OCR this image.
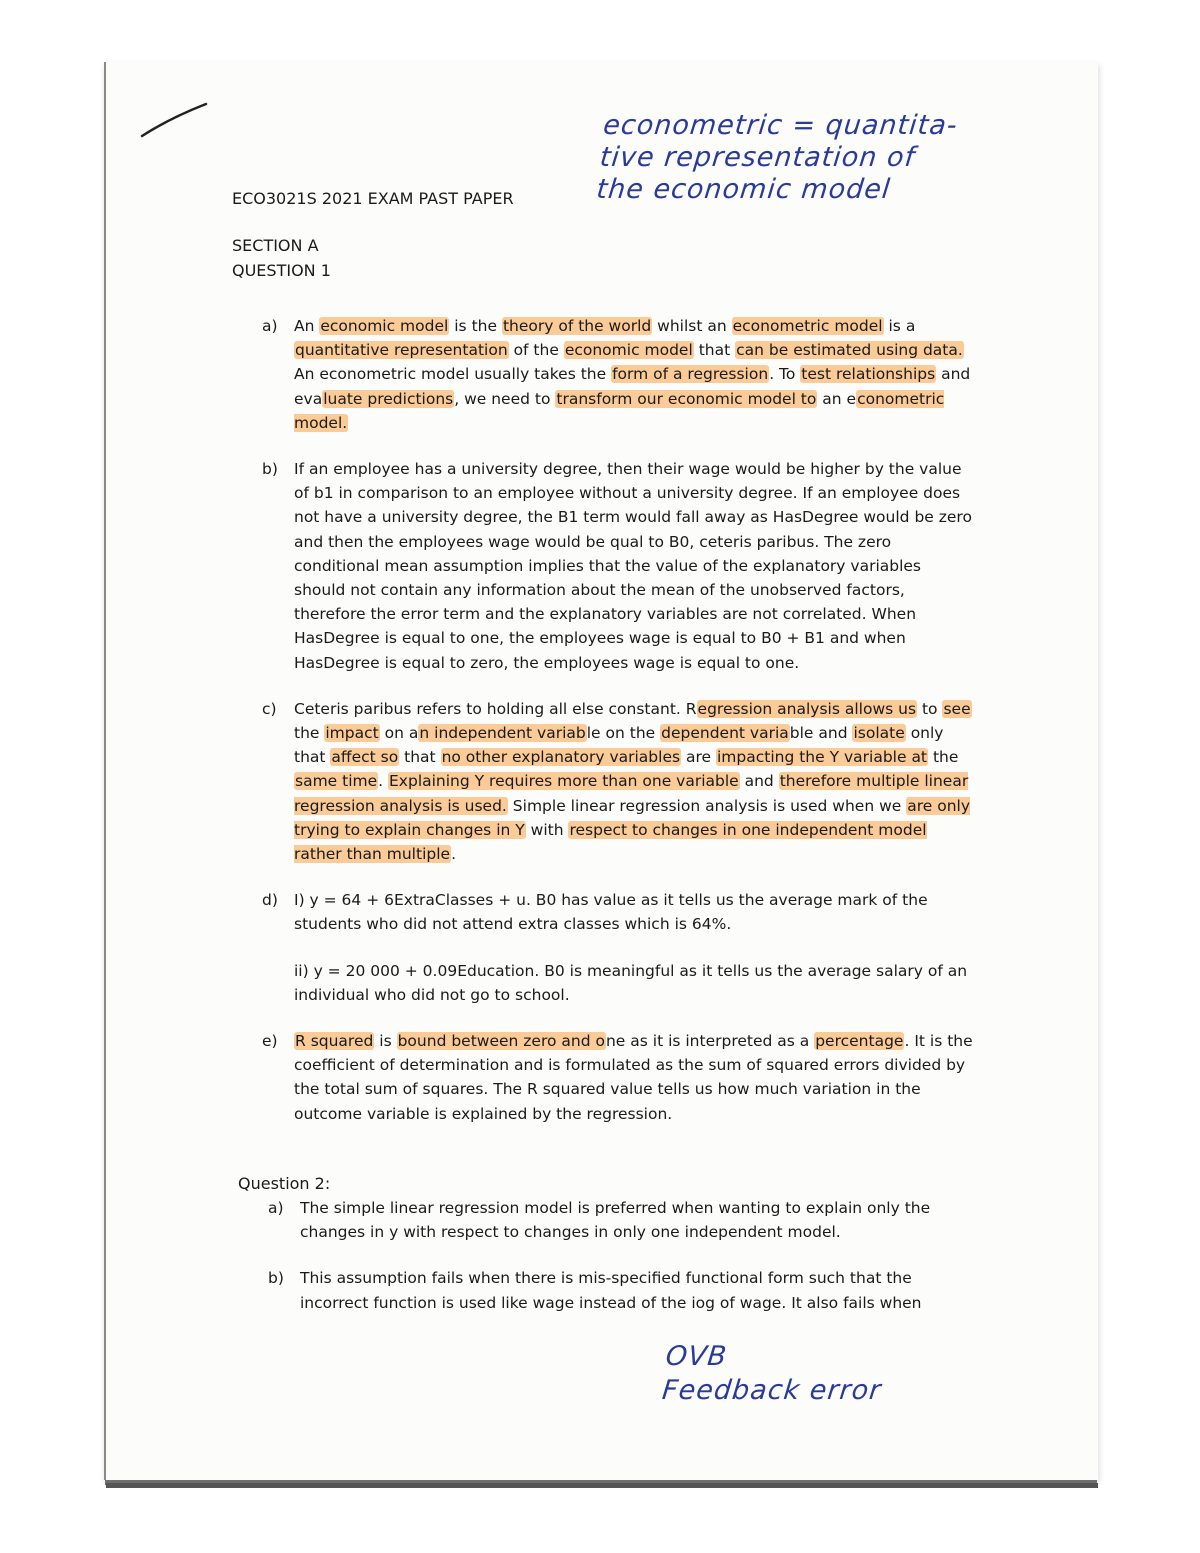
econometric = quantita-
tive representation of
the economic model
ECO3021S 2021 EXAM PAST PAPER
SECTION A
QUESTION 1
a)	An economic model is the theory of the world whilst an econometric model is a quantitative representation of the economic model that can be estimated using data. An econometric model usually takes the form of a regression. To test relationships and evaluate predictions, we need to transform our economic model to an econometric model.
b)	If an employee has a university degree, then their wage would be higher by the value of b1 in comparison to an employee without a university degree. If an employee does not have a university degree, the B1 term would fall away as HasDegree would be zero and then the employees wage would be qual to B0, ceteris paribus. The zero conditional mean assumption implies that the value of the explanatory variables should not contain any information about the mean of the unobserved factors, therefore the error term and the explanatory variables are not correlated. When HasDegree is equal to one, the employees wage is equal to B0 + B1 and when HasDegree is equal to zero, the employees wage is equal to one.
c)	Ceteris paribus refers to holding all else constant. Regression analysis allows us to see the impact on an independent variable on the dependent variable and isolate only that affect so that no other explanatory variables are impacting the Y variable at the same time. Explaining Y requires more than one variable and therefore multiple linear regression analysis is used. Simple linear regression analysis is used when we are only trying to explain changes in Y with respect to changes in one independent model rather than multiple.
d)	I) y = 64 + 6ExtraClasses + u. B0 has value as it tells us the average mark of the students who did not attend extra classes which is 64%.
ii) y = 20 000 + 0.09Education. B0 is meaningful as it tells us the average salary of an individual who did not go to school.
e)	R squared is bound between zero and one as it is interpreted as a percentage. It is the coefficient of determination and is formulated as the sum of squared errors divided by the total sum of squares. The R squared value tells us how much variation in the outcome variable is explained by the regression.
Question 2:
a)	The simple linear regression model is preferred when wanting to explain only the changes in y with respect to changes in only one independent model.
b)	This assumption fails when there is mis-specified functional form such that the incorrect function is used like wage instead of the iog of wage. It also fails when
OVB
Feedback error
